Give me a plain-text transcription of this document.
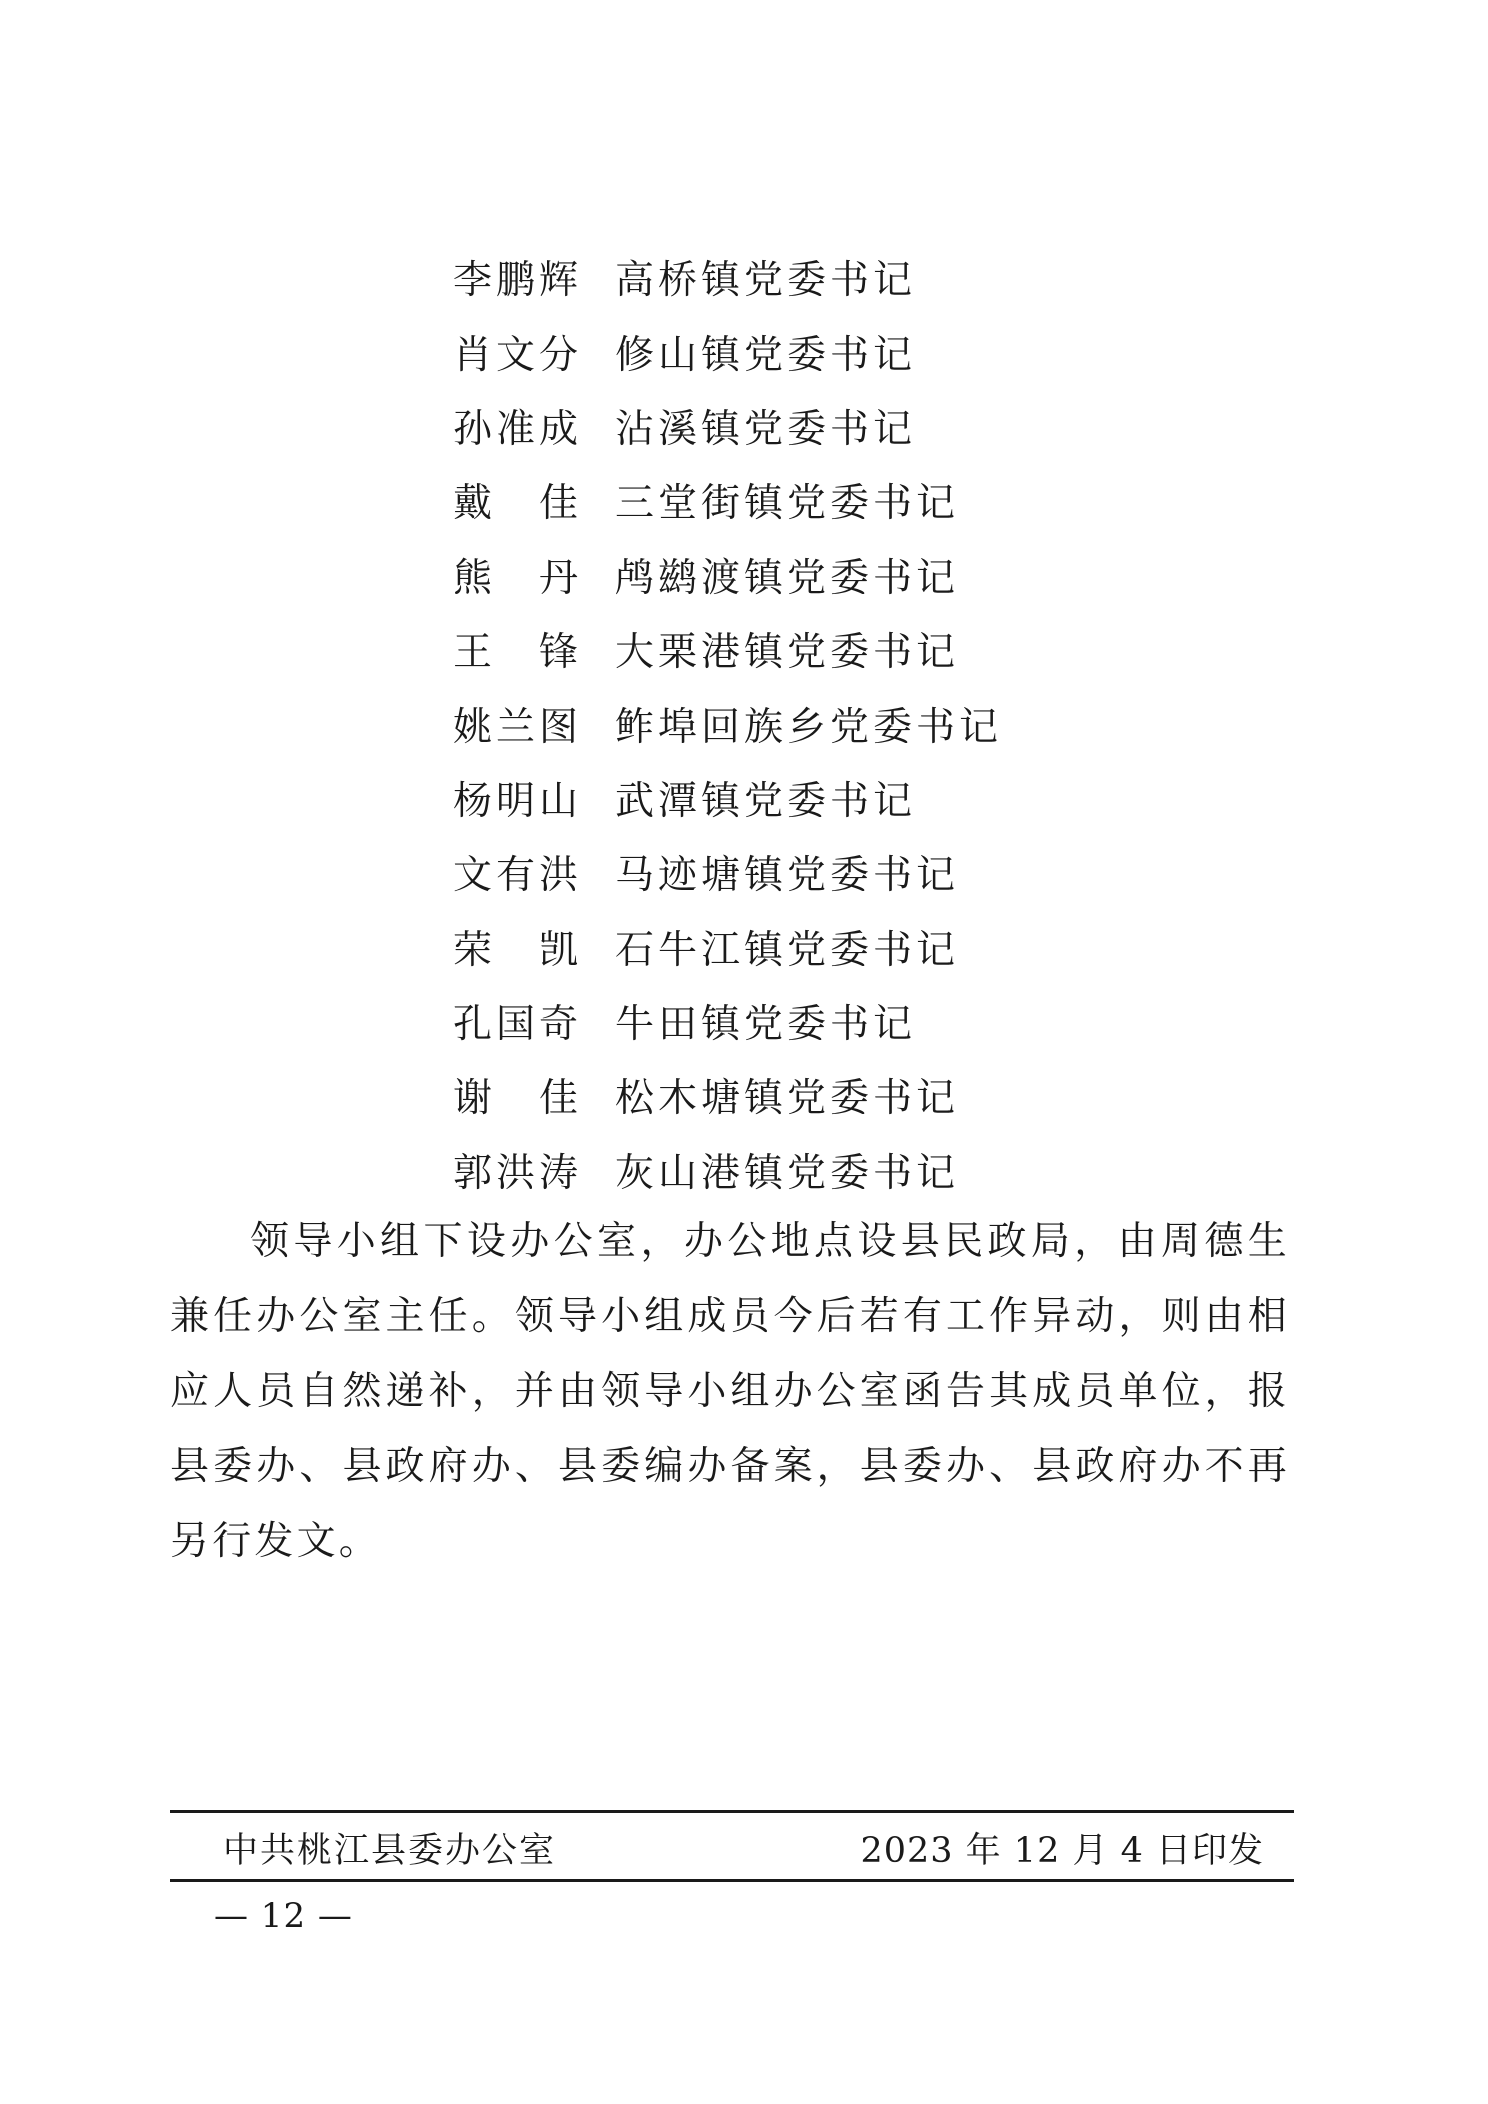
李鹏辉 高桥镇党委书记
肖文分 修山镇党委书记
孙准成 沾溪镇党委书记
戴　佳 三堂街镇党委书记
熊　丹 鸬鹚渡镇党委书记
王　锋 大栗港镇党委书记
姚兰图 鲊埠回族乡党委书记
杨明山 武潭镇党委书记
文有洪 马迹塘镇党委书记
荣　凯 石牛江镇党委书记
孔国奇 牛田镇党委书记
谢　佳 松木塘镇党委书记
郭洪涛 灰山港镇党委书记

领导小组下设办公室，办公地点设县民政局，由周德生兼任办公室主任。领导小组成员今后若有工作异动，则由相应人员自然递补，并由领导小组办公室函告其成员单位，报县委办、县政府办、县委编办备案，县委办、县政府办不再另行发文。

中共桃江县委办公室	2023 年 12 月 4 日印发
— 12 —
